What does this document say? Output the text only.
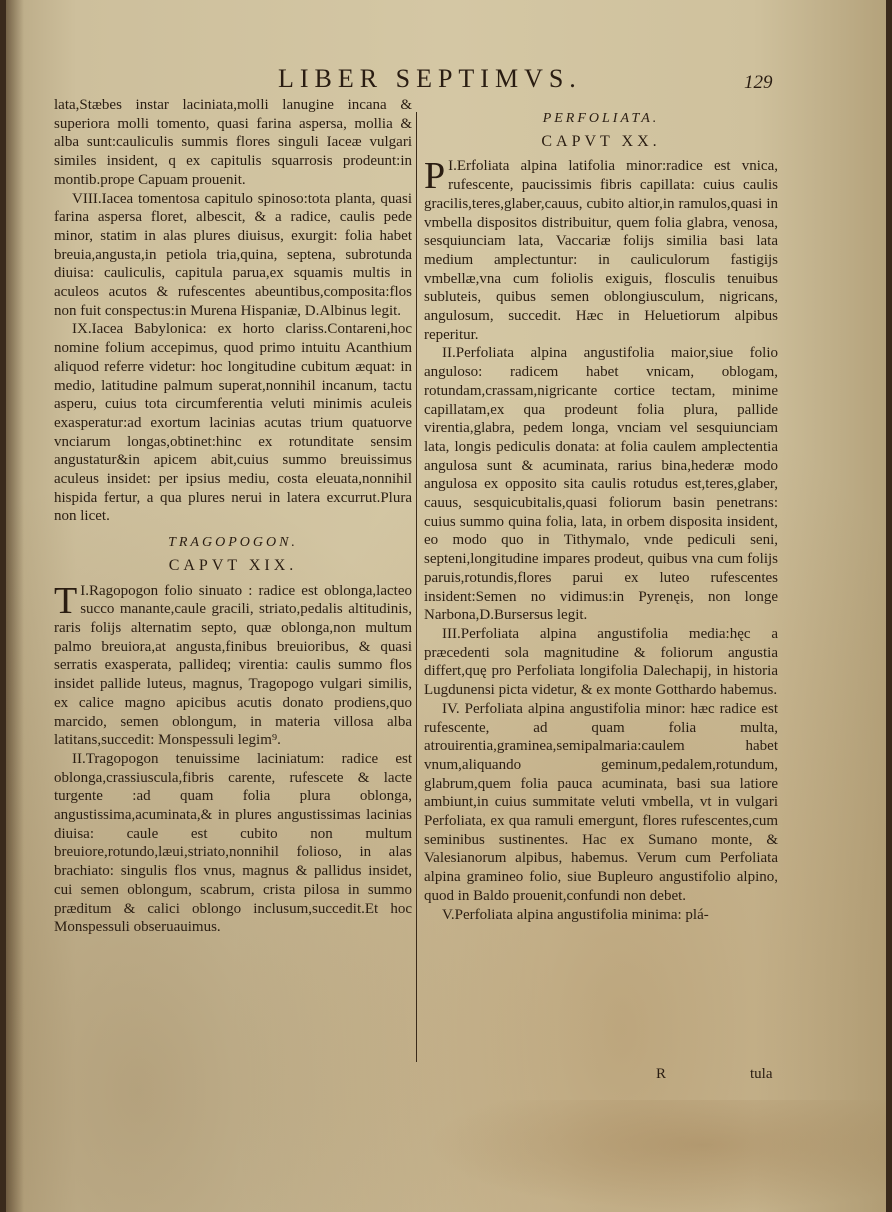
LIBER SEPTIMVS.	129

lata,Stæbes instar laciniata,molli lanugine incana & superiora molli tomento, quasi farina aspersa, mollia & alba sunt:cauliculis summis flores singuli Iaceæ vulgari similes insident, q ex capitulis squarrosis prodeunt:in montib.prope Capuam prouenit.

VIII.Iacea tomentosa capitulo spinoso:tota planta, quasi farina aspersa floret, albescit, & a radice, caulis pede minor, statim in alas plures diuisus, exurgit: folia habet breuia,angusta,in petiola tria,quina, septena, subrotunda diuisa: cauliculis, capitula parua,ex squamis multis in aculeos acutos & rufescentes abeuntibus,composita:flos non fuit conspectus:in Murena Hispaniæ, D.Albinus legit.

IX.Iacea Babylonica: ex horto clariss.Contareni,hoc nomine folium accepimus, quod primo intuitu Acanthium aliquod referre videtur: hoc longitudine cubitum æquat: in medio, latitudine palmum superat,nonnihil incanum, tactu asperu, cuius tota circumferentia veluti minimis aculeis exasperatur:ad exortum lacinias acutas trium quatuorve vnciarum longas,obtinet:hinc ex rotunditate sensim angustatur&in apicem abit,cuius summo breuissimus aculeus insidet: per ipsius mediu, costa eleuata,nonnihil hispida fertur, a qua plures nerui in latera excurrut.Plura non licet.

TRAGOPOGON.
CAPVT XIX.
T I.Ragopogon folio sinuato : radice est oblonga,lacteo succo manante,caule gracili, striato,pedalis altitudinis, raris folijs alternatim septo, quæ oblonga,non multum palmo breuiora,at angusta,finibus breuioribus, & quasi serratis exasperata, pallideq; virentia: caulis summo flos insidet pallide luteus, magnus, Tragopogo vulgari similis, ex calice magno apicibus acutis donato prodiens,quo marcido, semen oblongum, in materia villosa alba latitans,succedit: Monspessuli legim⁹.

II.Tragopogon tenuissime laciniatum: radice est oblonga,crassiuscula,fibris carente, rufescete & lacte turgente :ad quam folia plura oblonga, angustissima,acuminata,& in plures angustissimas lacinias diuisa: caule est cubito non multum breuiore,rotundo,læui,striato,nonnihil folioso, in alas brachiato: singulis flos vnus, magnus & pallidus insidet, cui semen oblongum, scabrum, crista pilosa in summo præditum & calici oblongo inclusum,succedit.Et hoc Monspessuli obseruauimus.

PERFOLIATA.
CAPVT XX.
P I.Erfoliata alpina latifolia minor:radice est vnica, rufescente, paucissimis fibris capillata: cuius caulis gracilis,teres,glaber,cauus, cubito altior,in ramulos,quasi in vmbella dispositos distribuitur, quem folia glabra, venosa, sesquiunciam lata, Vaccariæ folijs similia basi lata medium amplectuntur: in cauliculorum fastigijs vmbellæ,vna cum foliolis exiguis, flosculis tenuibus subluteis, quibus semen oblongiusculum, nigricans, angulosum, succedit. Hæc in Heluetiorum alpibus reperitur.

II.Perfoliata alpina angustifolia maior,siue folio anguloso: radicem habet vnicam, oblogam, rotundam,crassam,nigricante cortice tectam, minime capillatam,ex qua prodeunt folia plura, pallide virentia,glabra, pedem longa, vnciam vel sesquiunciam lata, longis pediculis donata: at folia caulem amplectentia angulosa sunt & acuminata, rarius bina,hederæ modo angulosa ex opposito sita caulis rotudus est,teres,glaber, cauus, sesquicubitalis,quasi foliorum basin penetrans: cuius summo quina folia, lata, in orbem disposita insident, eo modo quo in Tithymalo, vnde pediculi seni, septeni,longitudine impares prodeut, quibus vna cum folijs paruis,rotundis,flores parui ex luteo rufescentes insident:Semen no vidimus:in Pyrenęis, non longe Narbona,D.Bursersus legit.

III.Perfoliata alpina angustifolia media:hęc a præcedenti sola magnitudine & foliorum angustia differt,quę pro Perfoliata longifolia Dalechapij, in historia Lugdunensi picta videtur, & ex monte Gotthardo habemus.

IV. Perfoliata alpina angustifolia minor: hæc radice est rufescente, ad quam folia multa, atrouirentia,graminea,semipalmaria:caulem habet vnum,aliquando geminum,pedalem,rotundum, glabrum,quem folia pauca acuminata, basi sua latiore ambiunt,in cuius summitate veluti vmbella, vt in vulgari Perfoliata, ex qua ramuli emergunt, flores rufescentes,cum seminibus sustinentes. Hac ex Sumano monte, & Valesianorum alpibus, habemus. Verum cum Perfoliata alpina gramineo folio, siue Bupleuro angustifolio alpino, quod in Baldo prouenit,confundi non debet.

V.Perfoliata alpina angustifolia minima: plá-

R	tula
